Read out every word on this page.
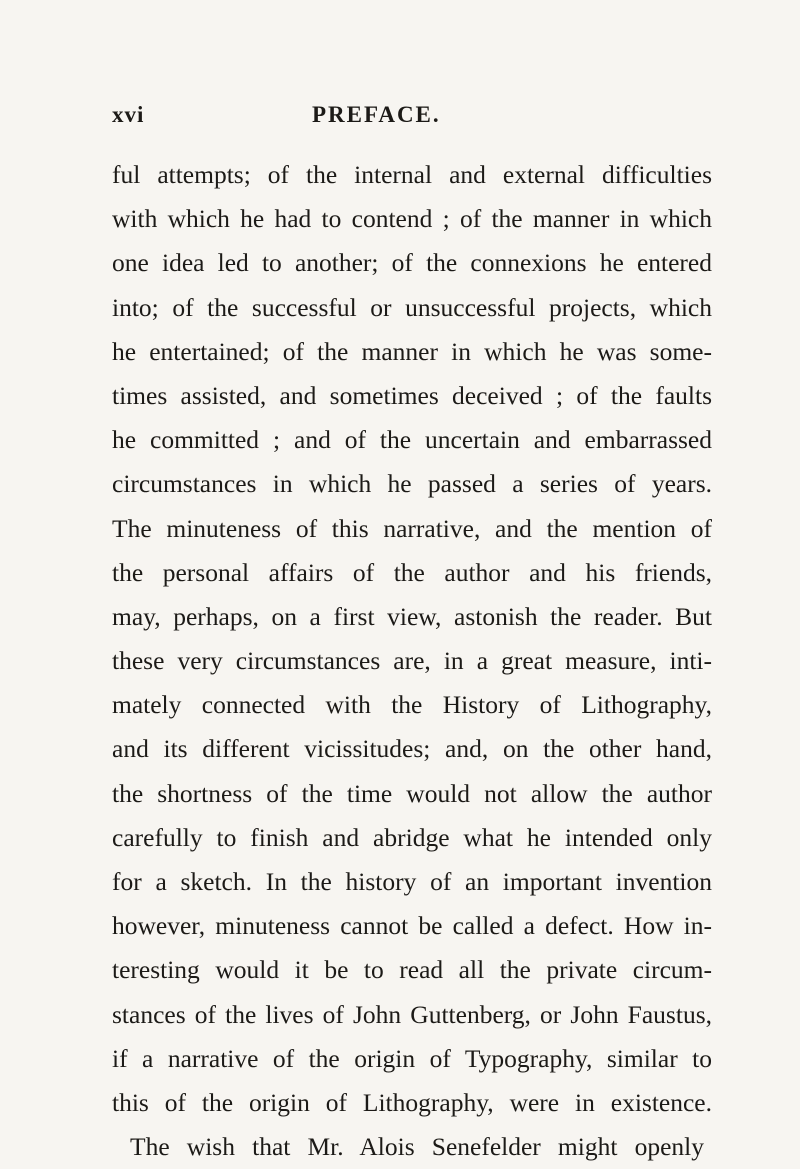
xvi	PREFACE.
ful attempts; of the internal and external difficulties
with which he had to contend ; of the manner in which
one idea led to another; of the connexions he entered
into; of the successful or unsuccessful projects, which
he entertained; of the manner in which he was some-
times assisted, and sometimes deceived ; of the faults
he committed ; and of the uncertain and embarrassed
circumstances in which he passed a series of years.
The minuteness of this narrative, and the mention of
the personal affairs of the author and his friends,
may, perhaps, on a first view, astonish the reader. But
these very circumstances are, in a great measure, inti-
mately connected with the History of Lithography,
and its different vicissitudes; and, on the other hand,
the shortness of the time would not allow the author
carefully to finish and abridge what he intended only
for a sketch. In the history of an important invention
however, minuteness cannot be called a defect. How in-
teresting would it be to read all the private circum-
stances of the lives of John Guttenberg, or John Faustus,
if a narrative of the origin of Typography, similar to
this of the origin of Lithography, were in existence.
The wish that Mr. Alois Senefelder might openly
